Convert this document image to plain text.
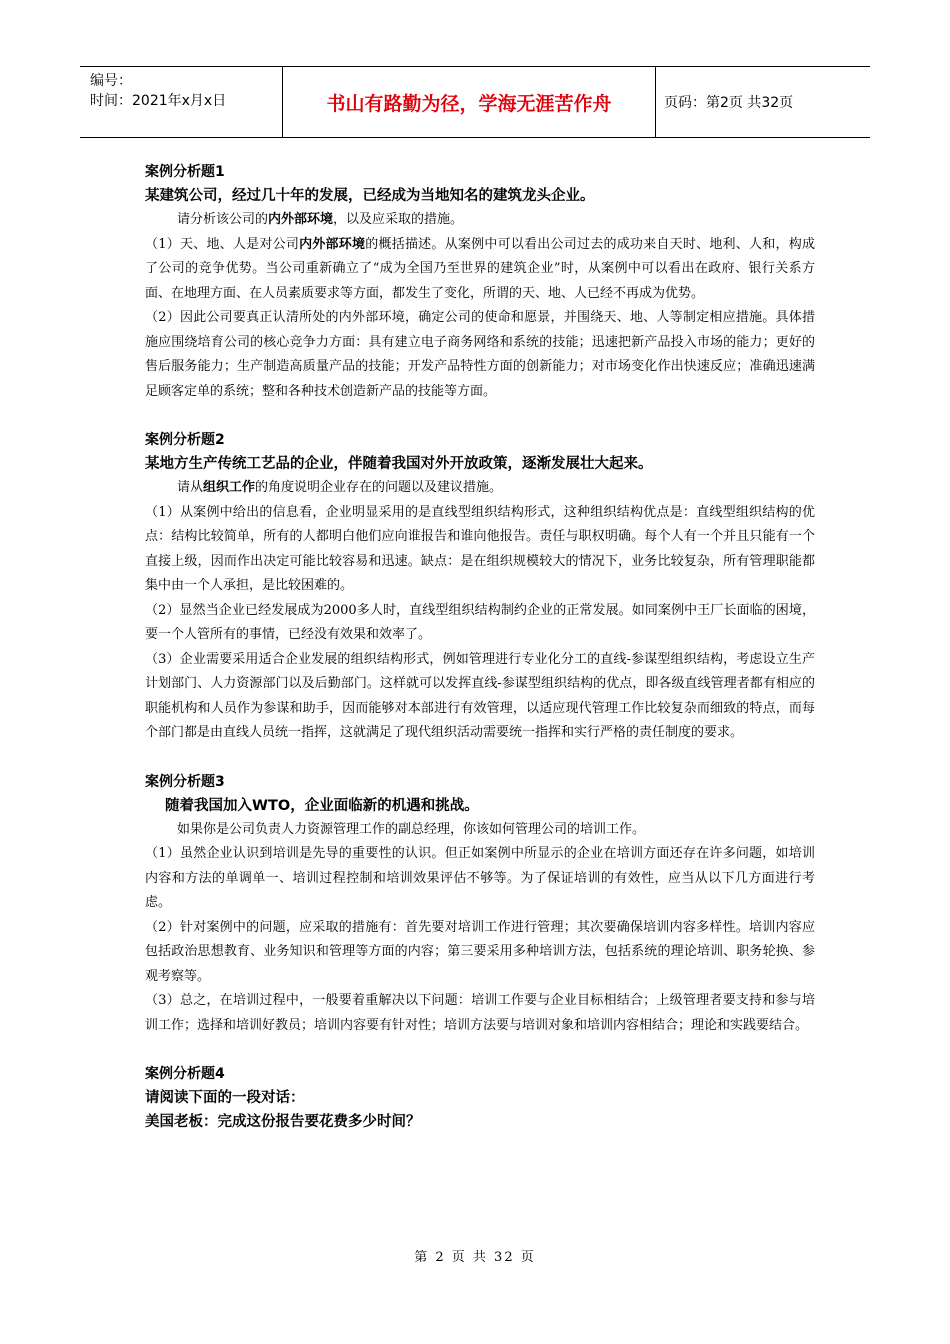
编号：
时间：2021年x月x日	书山有路勤为径，学海无涯苦作舟	页码：第2页 共32页
案例分析题1
某建筑公司，经过几十年的发展，已经成为当地知名的建筑龙头企业。
请分析该公司的内外部环境，以及应采取的措施。
（1）天、地、人是对公司内外部环境的概括描述。从案例中可以看出公司过去的成功来自天时、地利、人和，构成了公司的竞争优势。当公司重新确立了“成为全国乃至世界的建筑企业”时，从案例中可以看出在政府、银行关系方面、在地理方面、在人员素质要求等方面，都发生了变化，所谓的天、地、人已经不再成为优势。
（2）因此公司要真正认清所处的内外部环境，确定公司的使命和愿景，并围绕天、地、人等制定相应措施。具体措施应围绕培育公司的核心竞争力方面：具有建立电子商务网络和系统的技能；迅速把新产品投入市场的能力；更好的售后服务能力；生产制造高质量产品的技能；开发产品特性方面的创新能力；对市场变化作出快速反应；准确迅速满足顾客定单的系统；整和各种技术创造新产品的技能等方面。
案例分析题2
某地方生产传统工艺品的企业，伴随着我国对外开放政策，逐渐发展壮大起来。
请从组织工作的角度说明企业存在的问题以及建议措施。
（1）从案例中给出的信息看，企业明显采用的是直线型组织结构形式，这种组织结构优点是：直线型组织结构的优点：结构比较简单，所有的人都明白他们应向谁报告和谁向他报告。责任与职权明确。每个人有一个并且只能有一个直接上级，因而作出决定可能比较容易和迅速。缺点：是在组织规模较大的情况下，业务比较复杂，所有管理职能都集中由一个人承担，是比较困难的。
（2）显然当企业已经发展成为2000多人时，直线型组织结构制约企业的正常发展。如同案例中王厂长面临的困境，要一个人管所有的事情，已经没有效果和效率了。
（3）企业需要采用适合企业发展的组织结构形式，例如管理进行专业化分工的直线-参谋型组织结构，考虑设立生产计划部门、人力资源部门以及后勤部门。这样就可以发挥直线-参谋型组织结构的优点，即各级直线管理者都有相应的职能机构和人员作为参谋和助手，因而能够对本部进行有效管理，以适应现代管理工作比较复杂而细致的特点，而每个部门都是由直线人员统一指挥，这就满足了现代组织活动需要统一指挥和实行严格的责任制度的要求。
案例分析题3
随着我国加入WTO，企业面临新的机遇和挑战。
如果你是公司负责人力资源管理工作的副总经理，你该如何管理公司的培训工作。
（1）虽然企业认识到培训是先导的重要性的认识。但正如案例中所显示的企业在培训方面还存在许多问题，如培训内容和方法的单调单一、培训过程控制和培训效果评估不够等。为了保证培训的有效性，应当从以下几方面进行考虑。
（2）针对案例中的问题，应采取的措施有：首先要对培训工作进行管理；其次要确保培训内容多样性。培训内容应包括政治思想教育、业务知识和管理等方面的内容；第三要采用多种培训方法，包括系统的理论培训、职务轮换、参观考察等。
（3）总之，在培训过程中，一般要着重解决以下问题：培训工作要与企业目标相结合；上级管理者要支持和参与培训工作；选择和培训好教员；培训内容要有针对性；培训方法要与培训对象和培训内容相结合；理论和实践要结合。
案例分析题4
请阅读下面的一段对话：
美国老板：完成这份报告要花费多少时间？
第 2 页 共 32 页
